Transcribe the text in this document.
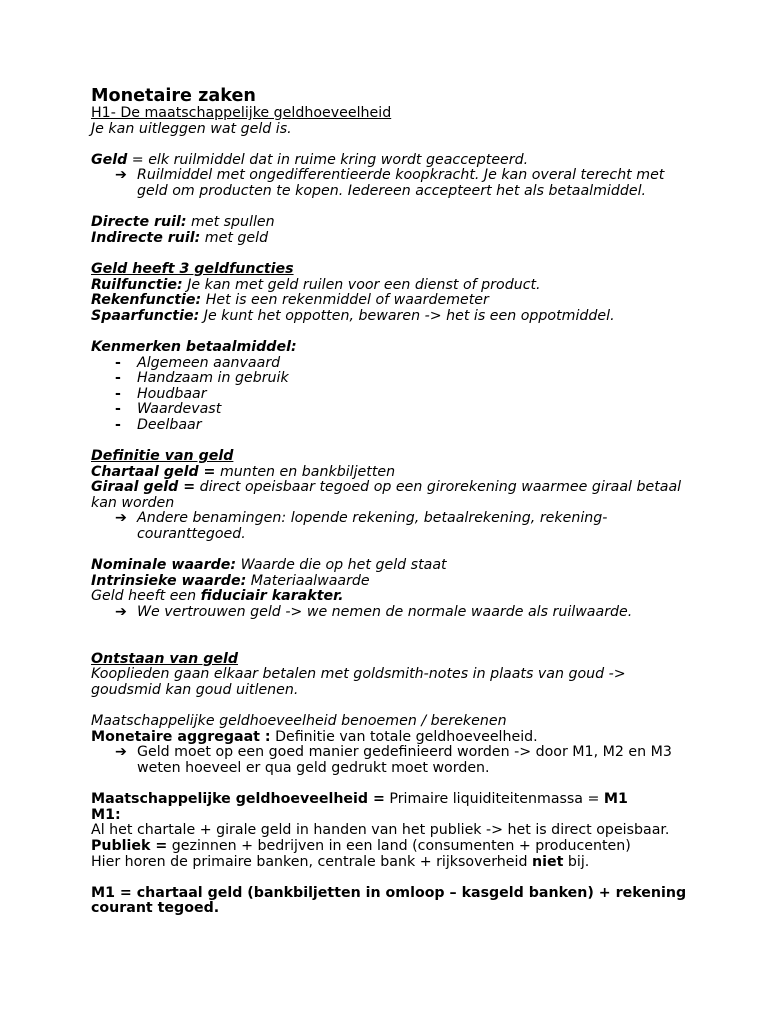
Monetaire zaken

H1- De maatschappelijke geldhoeveelheid

Je kan uitleggen wat geld is.

Geld = elk ruilmiddel dat in ruime kring wordt geaccepteerd.

➔ Ruilmiddel met ongedifferentieerde koopkracht. Je kan overal terecht met geld om producten te kopen. Iedereen accepteert het als betaalmiddel.

Directe ruil: met spullen

Indirecte ruil: met geld

Geld heeft 3 geldfuncties

Ruilfunctie: Je kan met geld ruilen voor een dienst of product.

Rekenfunctie: Het is een rekenmiddel of waardemeter

Spaarfunctie: Je kunt het oppotten, bewaren -> het is een oppotmiddel.

Kenmerken betaalmiddel:

- Algemeen aanvaard

- Handzaam in gebruik

- Houdbaar

- Waardevast

- Deelbaar

Definitie van geld

Chartaal geld = munten en bankbiljetten

Giraal geld = direct opeisbaar tegoed op een girorekening waarmee giraal betaal kan worden

➔ Andere benamingen: lopende rekening, betaalrekening, rekening-couranttegoed.

Nominale waarde: Waarde die op het geld staat

Intrinsieke waarde: Materiaalwaarde

Geld heeft een fiduciair karakter.

➔ We vertrouwen geld -> we nemen de normale waarde als ruilwaarde.

Ontstaan van geld

Kooplieden gaan elkaar betalen met goldsmith-notes in plaats van goud -> goudsmid kan goud uitlenen.

Maatschappelijke geldhoeveelheid benoemen / berekenen

Monetaire aggregaat : Definitie van totale geldhoeveelheid.

➔ Geld moet op een goed manier gedefinieerd worden -> door M1, M2 en M3 weten hoeveel er qua geld gedrukt moet worden.

Maatschappelijke geldhoeveelheid = Primaire liquiditeitenmassa = M1

M1:

Al het chartale + girale geld in handen van het publiek -> het is direct opeisbaar.

Publiek = gezinnen + bedrijven in een land (consumenten + producenten)

Hier horen de primaire banken, centrale bank + rijksoverheid niet bij.

M1 = chartaal geld (bankbiljetten in omloop – kasgeld banken) + rekening courant tegoed.
